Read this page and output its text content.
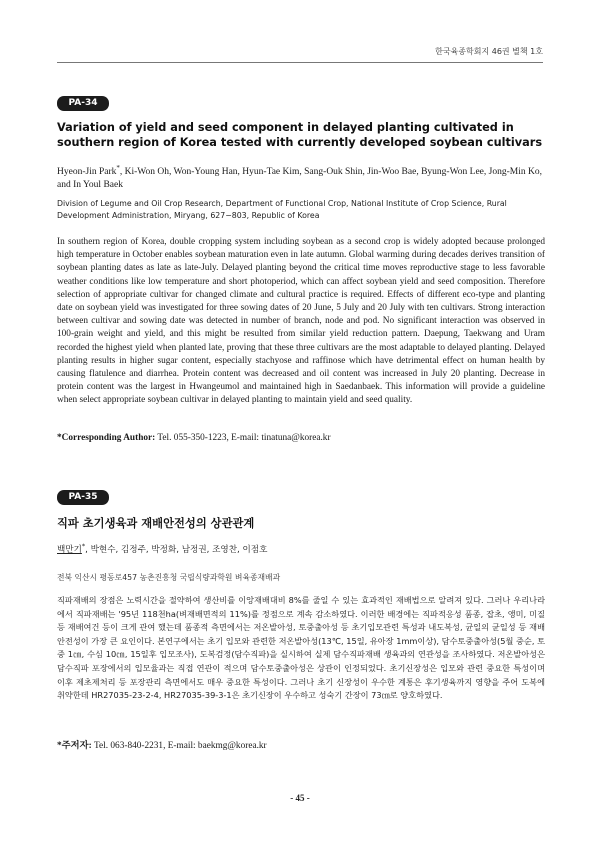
한국육종학회지 46권 별책 1호
PA-34
Variation of yield and seed component in delayed planting cultivated in southern region of Korea tested with currently developed soybean cultivars
Hyeon-Jin Park*, Ki-Won Oh, Won-Young Han, Hyun-Tae Kim, Sang-Ouk Shin, Jin-Woo Bae, Byung-Won Lee, Jong-Min Ko, and In Youl Baek
Division of Legume and Oil Crop Research, Department of Functional Crop, National Institute of Crop Science, Rural Development Administration, Miryang, 627−803, Republic of Korea

In southern region of Korea, double cropping system including soybean as a second crop is widely adopted because prolonged high temperature in October enables soybean maturation even in late autumn. Global warming during decades derives transition of soybean planting dates as late as late-July. Delayed planting beyond the critical time moves reproductive stage to less favorable weather conditions like low temperature and short photoperiod, which can affect soybean yield and seed composition. Therefore selection of appropriate cultivar for changed climate and cultural practice is required. Effects of different eco-type and planting date on soybean yield was investigated for three sowing dates of 20 June, 5 July and 20 July with ten cultivars. Strong interaction between cultivar and sowing date was detected in number of branch, node and pod. No significant interaction was observed in 100-grain weight and yield, and this might be resulted from similar yield reduction pattern. Daepung, Taekwang and Uram recorded the highest yield when planted late, proving that these three cultivars are the most adaptable to delayed planting. Delayed planting results in higher sugar content, especially stachyose and raffinose which have detrimental effect on human health by causing flatulence and diarrhea. Protein content was decreased and oil content was increased in July 20 planting. Decrease in protein content was the largest in Hwangeumol and maintained high in Saedanbaek. This information will provide a guideline when select appropriate soybean cultivar in delayed planting to maintain yield and seed quality.

*Corresponding Author: Tel. 055-350-1223, E-mail: tinatuna@korea.kr
PA-35
직파 초기생육과 재배안전성의 상관관계
백만기*, 박현수, 김정주, 박정화, 남정권, 조영찬, 이점호
전북 익산시 평동로457 농촌진흥청 국립식량과학원 벼육종재배과

직파재배의 장점은 노력시간을 절약하여 생산비를 이앙재배대비 8%를 줄일 수 있는 효과적인 재배법으로 알려져 있다. 그러나 우리나라에서 직파재배는 '95년 118천ha(벼재배면적의 11%)를 정점으로 계속 감소하였다. 이러한 배경에는 직파적응성 품종, 잡초, 앵미, 미질 등 재배여건 등이 크게 관여 했는데 품종적 측면에서는 저온발아성, 토중출아성 등 초기입모관련 특성과 내도복성, 균일의 균일성 등 재배안전성이 가장 큰 요인이다. 본연구에서는 초기 입모와 관련한 저온발아성(13℃, 15일, 유아장 1mm이상), 담수토중출아성(5월 중순, 토중 1㎝, 수심 10㎝, 15일후 입모조사), 도복검정(담수직파)을 실시하여 실제 담수직파재배 생육과의 연관성을 조사하였다. 저온발아성은 담수직파 포장에서의 입모율과는 직접 연관이 적으며 담수토중출아성은 상관이 인정되었다. 초기신장성은 입모와 관련 중요한 특성이며 이후 제초제처리 등 포장관리 측면에서도 매우 중요한 특성이다. 그러나 초기 신장성이 우수한 계통은 후기생육까지 영향을 주어 도복에 취약한데 HR27035-23-2-4, HR27035-39-3-1은 초기신장이 우수하고 성숙기 간장이 73㎝로 양호하였다.

*주저자: Tel. 063-840-2231, E-mail: baekmg@korea.kr
- 45 -
